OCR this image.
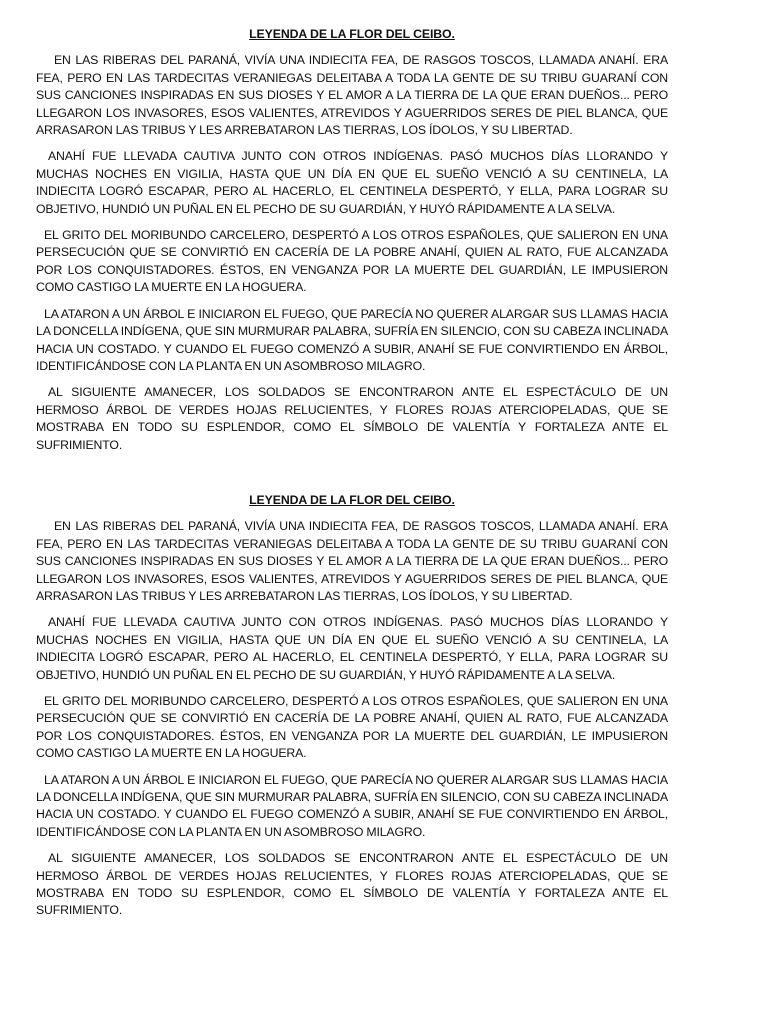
LEYENDA DE LA FLOR DEL CEIBO.

EN LAS RIBERAS DEL PARANÁ, VIVÍA UNA INDIECITA FEA, DE RASGOS TOSCOS, LLAMADA ANAHÍ. ERA FEA, PERO EN LAS TARDECITAS VERANIEGAS DELEITABA A TODA LA GENTE DE SU TRIBU GUARANÍ CON SUS CANCIONES INSPIRADAS EN SUS DIOSES Y EL AMOR A LA TIERRA DE LA QUE ERAN DUEÑOS... PERO LLEGARON LOS INVASORES, ESOS VALIENTES, ATREVIDOS Y AGUERRIDOS SERES DE PIEL BLANCA, QUE ARRASARON LAS TRIBUS Y LES ARREBATARON LAS TIERRAS, LOS ÍDOLOS, Y SU LIBERTAD.

ANAHÍ FUE LLEVADA CAUTIVA JUNTO CON OTROS INDÍGENAS. PASÓ MUCHOS DÍAS LLORANDO Y MUCHAS NOCHES EN VIGILIA, HASTA QUE UN DÍA EN QUE EL SUEÑO VENCIÓ A SU CENTINELA, LA INDIECITA LOGRÓ ESCAPAR, PERO AL HACERLO, EL CENTINELA DESPERTÓ, Y ELLA, PARA LOGRAR SU OBJETIVO, HUNDIÓ UN PUÑAL EN EL PECHO DE SU GUARDIÁN, Y HUYÓ RÁPIDAMENTE A LA SELVA.

EL GRITO DEL MORIBUNDO CARCELERO, DESPERTÓ A LOS OTROS ESPAÑOLES, QUE SALIERON EN UNA PERSECUCIÓN QUE SE CONVIRTIÓ EN CACERÍA DE LA POBRE ANAHÍ, QUIEN AL RATO, FUE ALCANZADA POR LOS CONQUISTADORES. ÉSTOS, EN VENGANZA POR LA MUERTE DEL GUARDIÁN, LE IMPUSIERON COMO CASTIGO LA MUERTE EN LA HOGUERA.

LA ATARON A UN ÁRBOL E INICIARON EL FUEGO, QUE PARECÍA NO QUERER ALARGAR SUS LLAMAS HACIA LA DONCELLA INDÍGENA, QUE SIN MURMURAR PALABRA, SUFRÍA EN SILENCIO, CON SU CABEZA INCLINADA HACIA UN COSTADO. Y CUANDO EL FUEGO COMENZÓ A SUBIR, ANAHÍ SE FUE CONVIRTIENDO EN ÁRBOL, IDENTIFICÁNDOSE CON LA PLANTA EN UN ASOMBROSO MILAGRO.

AL SIGUIENTE AMANECER, LOS SOLDADOS SE ENCONTRARON ANTE EL ESPECTÁCULO DE UN HERMOSO ÁRBOL DE VERDES HOJAS RELUCIENTES, Y FLORES ROJAS ATERCIOPELADAS, QUE SE MOSTRABA EN TODO SU ESPLENDOR, COMO EL SÍMBOLO DE VALENTÍA Y FORTALEZA ANTE EL SUFRIMIENTO.

LEYENDA DE LA FLOR DEL CEIBO.

EN LAS RIBERAS DEL PARANÁ, VIVÍA UNA INDIECITA FEA, DE RASGOS TOSCOS, LLAMADA ANAHÍ. ERA FEA, PERO EN LAS TARDECITAS VERANIEGAS DELEITABA A TODA LA GENTE DE SU TRIBU GUARANÍ CON SUS CANCIONES INSPIRADAS EN SUS DIOSES Y EL AMOR A LA TIERRA DE LA QUE ERAN DUEÑOS... PERO LLEGARON LOS INVASORES, ESOS VALIENTES, ATREVIDOS Y AGUERRIDOS SERES DE PIEL BLANCA, QUE ARRASARON LAS TRIBUS Y LES ARREBATARON LAS TIERRAS, LOS ÍDOLOS, Y SU LIBERTAD.

ANAHÍ FUE LLEVADA CAUTIVA JUNTO CON OTROS INDÍGENAS. PASÓ MUCHOS DÍAS LLORANDO Y MUCHAS NOCHES EN VIGILIA, HASTA QUE UN DÍA EN QUE EL SUEÑO VENCIÓ A SU CENTINELA, LA INDIECITA LOGRÓ ESCAPAR, PERO AL HACERLO, EL CENTINELA DESPERTÓ, Y ELLA, PARA LOGRAR SU OBJETIVO, HUNDIÓ UN PUÑAL EN EL PECHO DE SU GUARDIÁN, Y HUYÓ RÁPIDAMENTE A LA SELVA.

EL GRITO DEL MORIBUNDO CARCELERO, DESPERTÓ A LOS OTROS ESPAÑOLES, QUE SALIERON EN UNA PERSECUCIÓN QUE SE CONVIRTIÓ EN CACERÍA DE LA POBRE ANAHÍ, QUIEN AL RATO, FUE ALCANZADA POR LOS CONQUISTADORES. ÉSTOS, EN VENGANZA POR LA MUERTE DEL GUARDIÁN, LE IMPUSIERON COMO CASTIGO LA MUERTE EN LA HOGUERA.

LA ATARON A UN ÁRBOL E INICIARON EL FUEGO, QUE PARECÍA NO QUERER ALARGAR SUS LLAMAS HACIA LA DONCELLA INDÍGENA, QUE SIN MURMURAR PALABRA, SUFRÍA EN SILENCIO, CON SU CABEZA INCLINADA HACIA UN COSTADO. Y CUANDO EL FUEGO COMENZÓ A SUBIR, ANAHÍ SE FUE CONVIRTIENDO EN ÁRBOL, IDENTIFICÁNDOSE CON LA PLANTA EN UN ASOMBROSO MILAGRO.

AL SIGUIENTE AMANECER, LOS SOLDADOS SE ENCONTRARON ANTE EL ESPECTÁCULO DE UN HERMOSO ÁRBOL DE VERDES HOJAS RELUCIENTES, Y FLORES ROJAS ATERCIOPELADAS, QUE SE MOSTRABA EN TODO SU ESPLENDOR, COMO EL SÍMBOLO DE VALENTÍA Y FORTALEZA ANTE EL SUFRIMIENTO.
